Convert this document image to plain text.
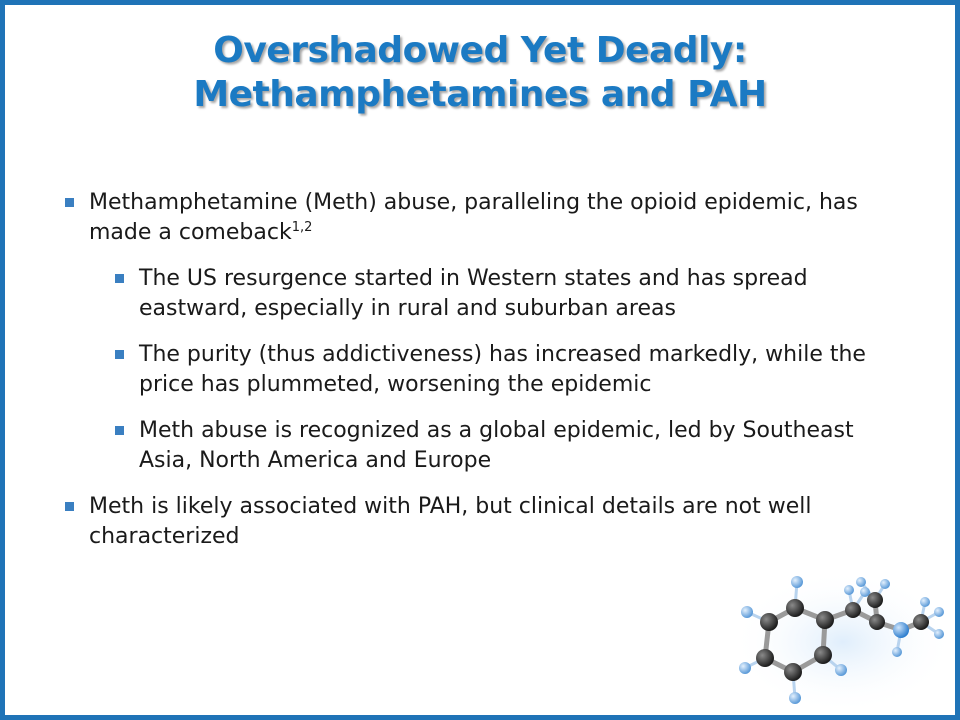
Overshadowed Yet Deadly:
Methamphetamines and PAH
Methamphetamine (Meth) abuse, paralleling the opioid epidemic, has made a comeback$^{1,2}$
The US resurgence started in Western states and has spread eastward, especially in rural and suburban areas
The purity (thus addictiveness) has increased markedly, while the price has plummeted, worsening the epidemic
Meth abuse is recognized as a global epidemic, led by Southeast Asia, North America and Europe
Meth is likely associated with PAH, but clinical details are not well characterized
